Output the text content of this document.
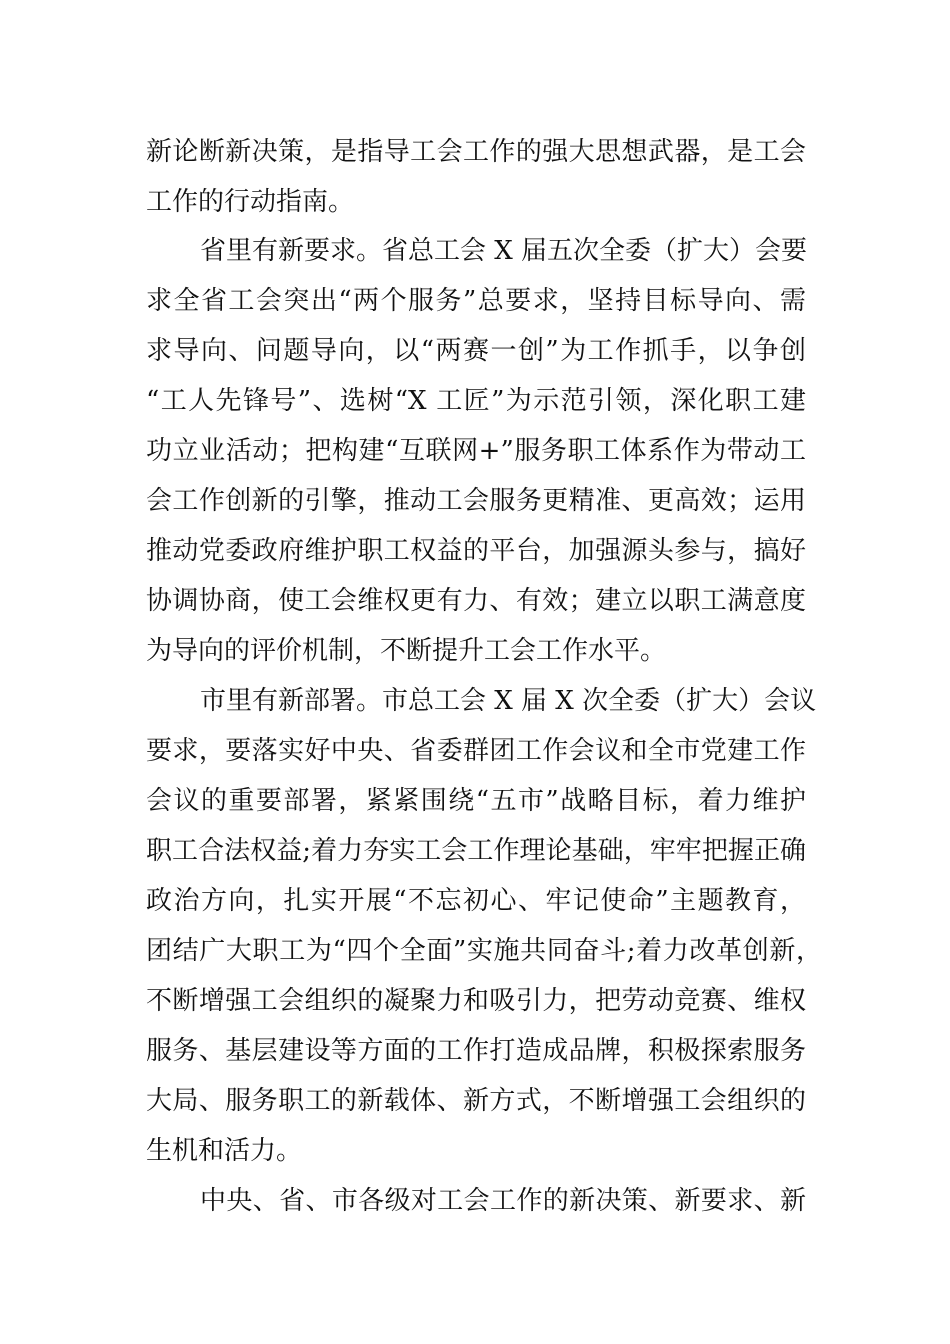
新论断新决策，是指导工会工作的强大思想武器，是工会
工作的行动指南。
省里有新要求。省总工会 X 届五次全委（扩大）会要
求全省工会突出“两个服务”总要求，坚持目标导向、需
求导向、问题导向，以“两赛一创”为工作抓手，以争创
“工人先锋号”、选树“X 工匠”为示范引领，深化职工建
功立业活动；把构建“互联网+”服务职工体系作为带动工
会工作创新的引擎，推动工会服务更精准、更高效；运用
推动党委政府维护职工权益的平台，加强源头参与，搞好
协调协商，使工会维权更有力、有效；建立以职工满意度
为导向的评价机制，不断提升工会工作水平。
市里有新部署。市总工会 X 届 X 次全委（扩大）会议
要求，要落实好中央、省委群团工作会议和全市党建工作
会议的重要部署，紧紧围绕“五市”战略目标，着力维护
职工合法权益;着力夯实工会工作理论基础，牢牢把握正确
政治方向，扎实开展“不忘初心、牢记使命”主题教育，
团结广大职工为“四个全面”实施共同奋斗;着力改革创新，
不断增强工会组织的凝聚力和吸引力，把劳动竞赛、维权
服务、基层建设等方面的工作打造成品牌，积极探索服务
大局、服务职工的新载体、新方式，不断增强工会组织的
生机和活力。
中央、省、市各级对工会工作的新决策、新要求、新
